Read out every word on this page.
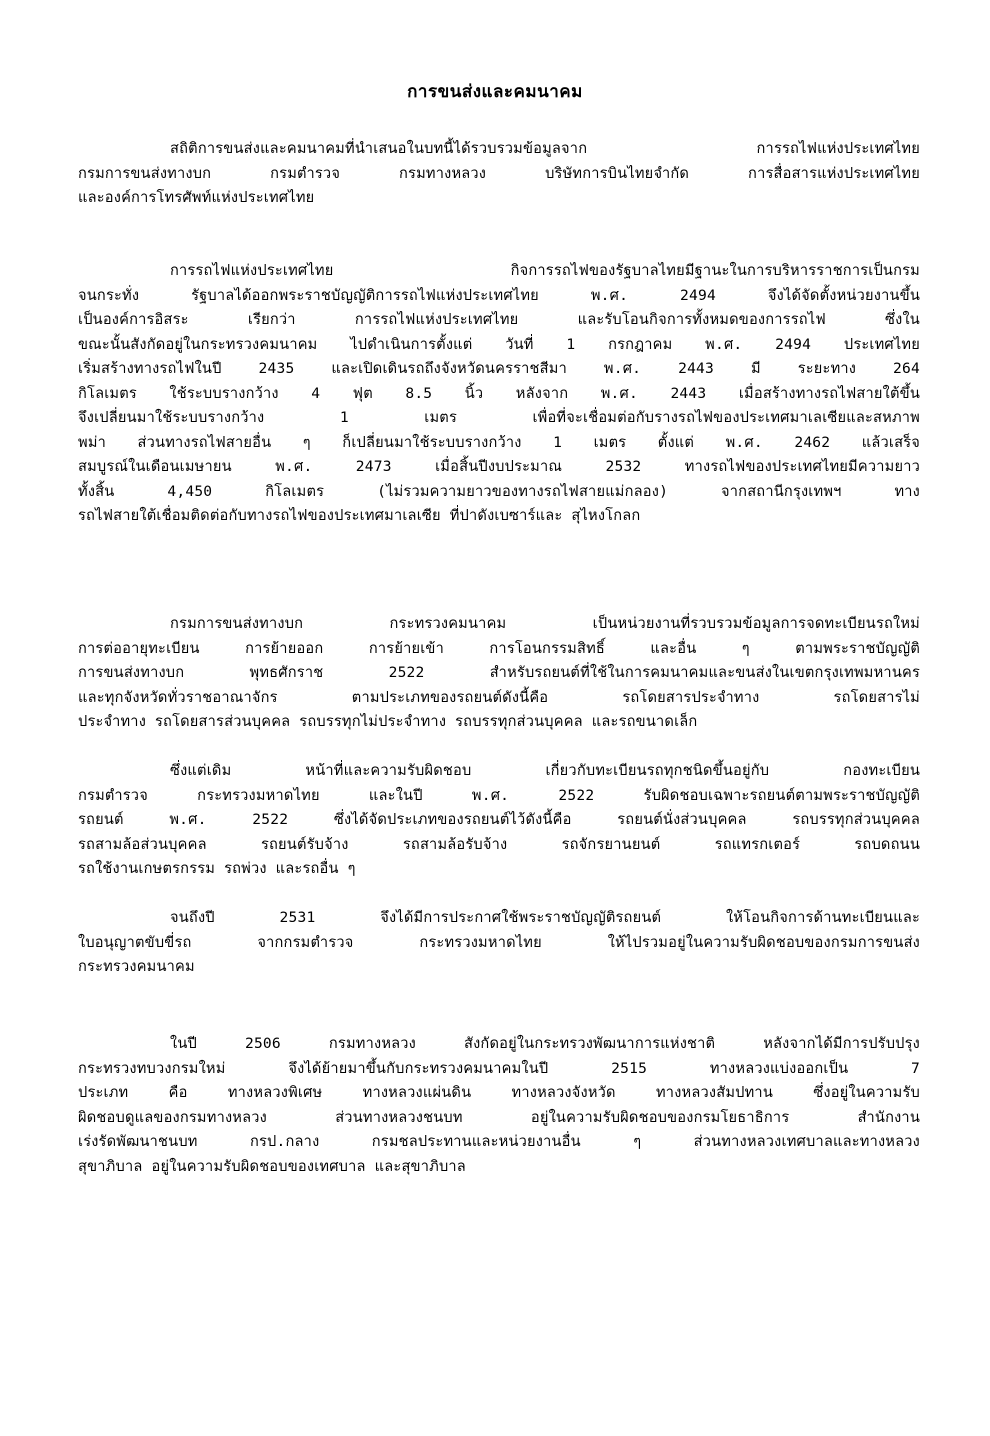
การขนส่งและคมนาคม
สถิติการขนส่งและคมนาคมที่นำเสนอในบทนี้ได้รวบรวมข้อมูลจาก การรถไฟแห่งประเทศไทย
กรมการขนส่งทางบก กรมตำรวจ กรมทางหลวง บริษัทการบินไทยจำกัด การสื่อสารแห่งประเทศไทย
และองค์การโทรศัพท์แห่งประเทศไทย
การรถไฟแห่งประเทศไทย กิจการรถไฟของรัฐบาลไทยมีฐานะในการบริหารราชการเป็นกรม
จนกระทั่ง รัฐบาลได้ออกพระราชบัญญัติการรถไฟแห่งประเทศไทย พ.ศ. 2494 จึงได้จัดตั้งหน่วยงานขึ้น
เป็นองค์การอิสระ เรียกว่า การรถไฟแห่งประเทศไทย และรับโอนกิจการทั้งหมดของการรถไฟ ซึ่งใน
ขณะนั้นสังกัดอยู่ในกระทรวงคมนาคม ไปดำเนินการตั้งแต่ วันที่ 1 กรกฎาคม พ.ศ. 2494 ประเทศไทย
เริ่มสร้างทางรถไฟในปี 2435 และเปิดเดินรถถึงจังหวัดนครราชสีมา พ.ศ. 2443 มี ระยะทาง 264
กิโลเมตร ใช้ระบบรางกว้าง 4 ฟุต 8.5 นิ้ว หลังจาก พ.ศ. 2443 เมื่อสร้างทางรถไฟสายใต้ขึ้น
จึงเปลี่ยนมาใช้ระบบรางกว้าง 1 เมตร เพื่อที่จะเชื่อมต่อกับรางรถไฟของประเทศมาเลเซียและสหภาพ
พม่า ส่วนทางรถไฟสายอื่น ๆ ก็เปลี่ยนมาใช้ระบบรางกว้าง 1 เมตร ตั้งแต่ พ.ศ. 2462 แล้วเสร็จ
สมบูรณ์ในเดือนเมษายน พ.ศ. 2473 เมื่อสิ้นปีงบประมาณ 2532 ทางรถไฟของประเทศไทยมีความยาว
ทั้งสิ้น 4,450 กิโลเมตร (ไม่รวมความยาวของทางรถไฟสายแม่กลอง) จากสถานีกรุงเทพฯ ทาง
รถไฟสายใต้เชื่อมติดต่อกับทางรถไฟของประเทศมาเลเซีย ที่ปาดังเบซาร์และ สุไหงโกลก
กรมการขนส่งทางบก กระทรวงคมนาคม เป็นหน่วยงานที่รวบรวมข้อมูลการจดทะเบียนรถใหม่
การต่ออายุทะเบียน การย้ายออก การย้ายเข้า การโอนกรรมสิทธิ์ และอื่น ๆ ตามพระราชบัญญัติ
การขนส่งทางบก พุทธศักราช 2522 สำหรับรถยนต์ที่ใช้ในการคมนาคมและขนส่งในเขตกรุงเทพมหานคร
และทุกจังหวัดทั่วราชอาณาจักร ตามประเภทของรถยนต์ดังนี้คือ รถโดยสารประจำทาง รถโดยสารไม่
ประจำทาง รถโดยสารส่วนบุคคล รถบรรทุกไม่ประจำทาง รถบรรทุกส่วนบุคคล และรถขนาดเล็ก
ซึ่งแต่เดิม หน้าที่และความรับผิดชอบ เกี่ยวกับทะเบียนรถทุกชนิดขึ้นอยู่กับ กองทะเบียน
กรมตำรวจ กระทรวงมหาดไทย และในปี พ.ศ. 2522 รับผิดชอบเฉพาะรถยนต์ตามพระราชบัญญัติ
รถยนต์ พ.ศ. 2522 ซึ่งได้จัดประเภทของรถยนต์ไว้ดังนี้คือ รถยนต์นั่งส่วนบุคคล รถบรรทุกส่วนบุคคล
รถสามล้อส่วนบุคคล รถยนต์รับจ้าง รถสามล้อรับจ้าง รถจักรยานยนต์ รถแทรกเตอร์ รถบดถนน
รถใช้งานเกษตรกรรม รถพ่วง และรถอื่น ๆ
จนถึงปี 2531 จึงได้มีการประกาศใช้พระราชบัญญัติรถยนต์ ให้โอนกิจการด้านทะเบียนและ
ใบอนุญาตขับขี่รถ จากกรมตำรวจ กระทรวงมหาดไทย ให้ไปรวมอยู่ในความรับผิดชอบของกรมการขนส่ง
กระทรวงคมนาคม
ในปี 2506 กรมทางหลวง สังกัดอยู่ในกระทรวงพัฒนาการแห่งชาติ หลังจากได้มีการปรับปรุง
กระทรวงทบวงกรมใหม่ จึงได้ย้ายมาขึ้นกับกระทรวงคมนาคมในปี 2515 ทางหลวงแบ่งออกเป็น 7
ประเภท คือ ทางหลวงพิเศษ ทางหลวงแผ่นดิน ทางหลวงจังหวัด ทางหลวงสัมปทาน ซึ่งอยู่ในความรับ
ผิดชอบดูแลของกรมทางหลวง ส่วนทางหลวงชนบท อยู่ในความรับผิดชอบของกรมโยธาธิการ สำนักงาน
เร่งรัดพัฒนาชนบท กรป.กลาง กรมชลประทานและหน่วยงานอื่น ๆ ส่วนทางหลวงเทศบาลและทางหลวง
สุขาภิบาล อยู่ในความรับผิดชอบของเทศบาล และสุขาภิบาล
